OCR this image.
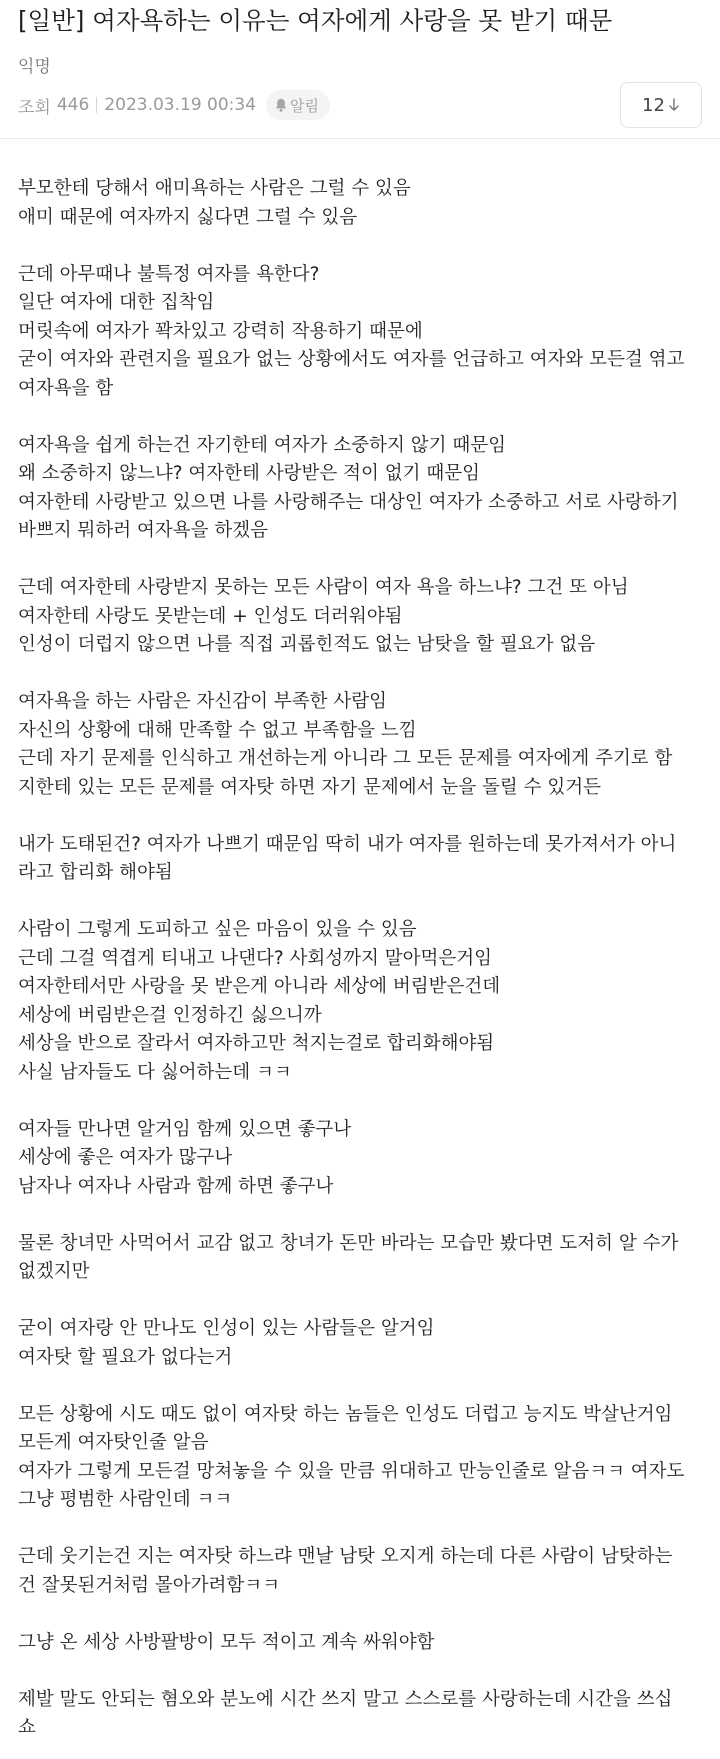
[일반] 여자욕하는 이유는 여자에게 사랑을 못 받기 때문
익명
조회 446 2023.03.19 00:34 알림	12
부모한테 당해서 애미욕하는 사람은 그럴 수 있음
애미 때문에 여자까지 싫다면 그럴 수 있음
근데 아무때나 불특정 여자를 욕한다?
일단 여자에 대한 집착임
머릿속에 여자가 꽉차있고 강력히 작용하기 때문에
굳이 여자와 관련지을 필요가 없는 상황에서도 여자를 언급하고 여자와 모든걸 엮고
여자욕을 함
여자욕을 쉽게 하는건 자기한테 여자가 소중하지 않기 때문임
왜 소중하지 않느냐? 여자한테 사랑받은 적이 없기 때문임
여자한테 사랑받고 있으면 나를 사랑해주는 대상인 여자가 소중하고 서로 사랑하기
바쁘지 뭐하러 여자욕을 하겠음
근데 여자한테 사랑받지 못하는 모든 사람이 여자 욕을 하느냐? 그건 또 아님
여자한테 사랑도 못받는데 + 인성도 더러워야됨
인성이 더럽지 않으면 나를 직접 괴롭힌적도 없는 남탓을 할 필요가 없음
여자욕을 하는 사람은 자신감이 부족한 사람임
자신의 상황에 대해 만족할 수 없고 부족함을 느낌
근데 자기 문제를 인식하고 개선하는게 아니라 그 모든 문제를 여자에게 주기로 함
지한테 있는 모든 문제를 여자탓 하면 자기 문제에서 눈을 돌릴 수 있거든
내가 도태된건? 여자가 나쁘기 때문임 딱히 내가 여자를 원하는데 못가져서가 아니
라고 합리화 해야됨
사람이 그렇게 도피하고 싶은 마음이 있을 수 있음
근데 그걸 역겹게 티내고 나댄다? 사회성까지 말아먹은거임
여자한테서만 사랑을 못 받은게 아니라 세상에 버림받은건데
세상에 버림받은걸 인정하긴 싫으니까
세상을 반으로 잘라서 여자하고만 척지는걸로 합리화해야됨
사실 남자들도 다 싫어하는데 ㅋㅋ
여자들 만나면 알거임 함께 있으면 좋구나
세상에 좋은 여자가 많구나
남자나 여자나 사람과 함께 하면 좋구나
물론 창녀만 사먹어서 교감 없고 창녀가 돈만 바라는 모습만 봤다면 도저히 알 수가
없겠지만
굳이 여자랑 안 만나도 인성이 있는 사람들은 알거임
여자탓 할 필요가 없다는거
모든 상황에 시도 때도 없이 여자탓 하는 놈들은 인성도 더럽고 능지도 박살난거임
모든게 여자탓인줄 알음
여자가 그렇게 모든걸 망쳐놓을 수 있을 만큼 위대하고 만능인줄로 알음ㅋㅋ 여자도
그냥 평범한 사람인데 ㅋㅋ
근데 웃기는건 지는 여자탓 하느랴 맨날 남탓 오지게 하는데 다른 사람이 남탓하는
건 잘못된거처럼 몰아가려함ㅋㅋ
그냥 온 세상 사방팔방이 모두 적이고 계속 싸워야함
제발 말도 안되는 혐오와 분노에 시간 쓰지 말고 스스로를 사랑하는데 시간을 쓰십
쇼
